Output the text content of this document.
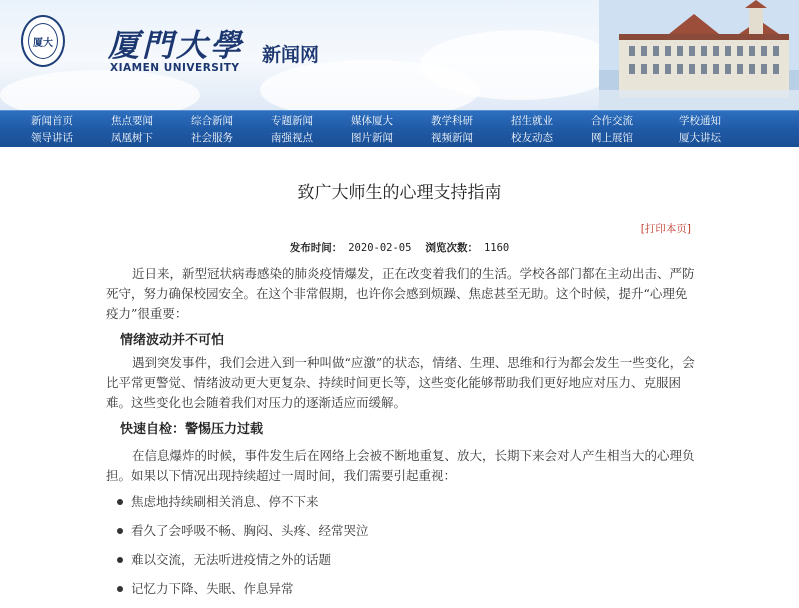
厦大 厦門大學
XIAMEN UNIVERSITY
新闻网
新闻首页	焦点要闻	综合新闻	专题新闻	媒体厦大	教学科研	招生就业	合作交流	学校通知
领导讲话	凤凰树下	社会服务	南强视点	图片新闻	视频新闻	校友动态	网上展馆	厦大讲坛
致广大师生的心理支持指南
[打印本页]
发布时间： 2020-02-05 浏览次数： 1160

近日来，新型冠状病毒感染的肺炎疫情爆发，正在改变着我们的生活。学校各部门都在主动出击、严防死守，努力确保校园安全。在这个非常假期，也许你会感到烦躁、焦虑甚至无助。这个时候，提升“心理免疫力”很重要：

情绪波动并不可怕

遇到突发事件，我们会进入到一种叫做“应激”的状态，情绪、生理、思维和行为都会发生一些变化，会比平常更警觉、情绪波动更大更复杂、持续时间更长等，这些变化能够帮助我们更好地应对压力、克服困难。这些变化也会随着我们对压力的逐渐适应而缓解。

快速自检：警惕压力过载

在信息爆炸的时候，事件发生后在网络上会被不断地重复、放大，长期下来会对人产生相当大的心理负担。如果以下情况出现持续超过一周时间，我们需要引起重视：

焦虑地持续刷相关消息、停不下来
看久了会呼吸不畅、胸闷、头疼、经常哭泣
难以交流，无法听进疫情之外的话题
记忆力下降、失眠、作息异常
